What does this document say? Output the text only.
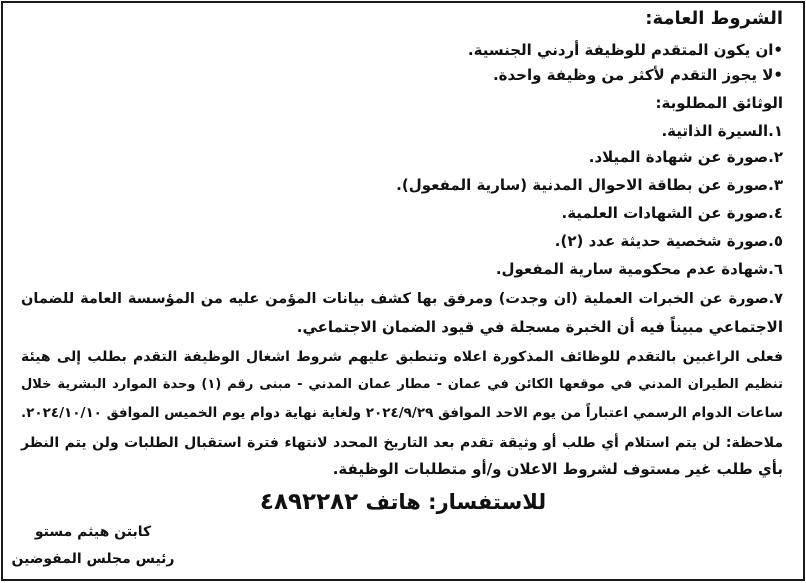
الشروط العامة:
•ان يكون المتقدم للوظيفة أردني الجنسية.
•لا يجوز التقدم لأكثر من وظيفة واحدة.
الوثائق المطلوبة:
١.السيرة الذاتية.
٢.صورة عن شهادة الميلاد.
٣.صورة عن بطاقة الاحوال المدنية (سارية المفعول).
٤.صورة عن الشهادات العلمية.
٥.صورة شخصية حديثة عدد (٢).
٦.شهادة عدم محكومية سارية المفعول.
٧.صورة عن الخبرات العملية (ان وجدت) ومرفق بها كشف بيانات المؤمن عليه من المؤسسة العامة للضمان
الاجتماعي مبيناً فيه أن الخبرة مسجلة في قيود الضمان الاجتماعي.
فعلى الراغبين بالتقدم للوظائف المذكورة اعلاه وتنطبق عليهم شروط اشغال الوظيفة التقدم بطلب إلى هيئة
تنظيم الطيران المدني في موقعها الكائن في عمان - مطار عمان المدني - مبنى رقم (١) وحدة الموارد البشرية خلال
ساعات الدوام الرسمي اعتباراً من يوم الاحد الموافق ٢٠٢٤/٩/٢٩ ولغاية نهاية دوام يوم الخميس الموافق ٢٠٢٤/١٠/١٠.
ملاحظة: لن يتم استلام أي طلب أو وثيقة تقدم بعد التاريخ المحدد لانتهاء فترة استقبال الطلبات ولن يتم النظر
بأي طلب غير مستوف لشروط الاعلان و/أو متطلبات الوظيفة.
للاستفسار: هاتف ٤٨٩٢٢٨٢
كابتن هيثم مستو
رئيس مجلس المفوضين
